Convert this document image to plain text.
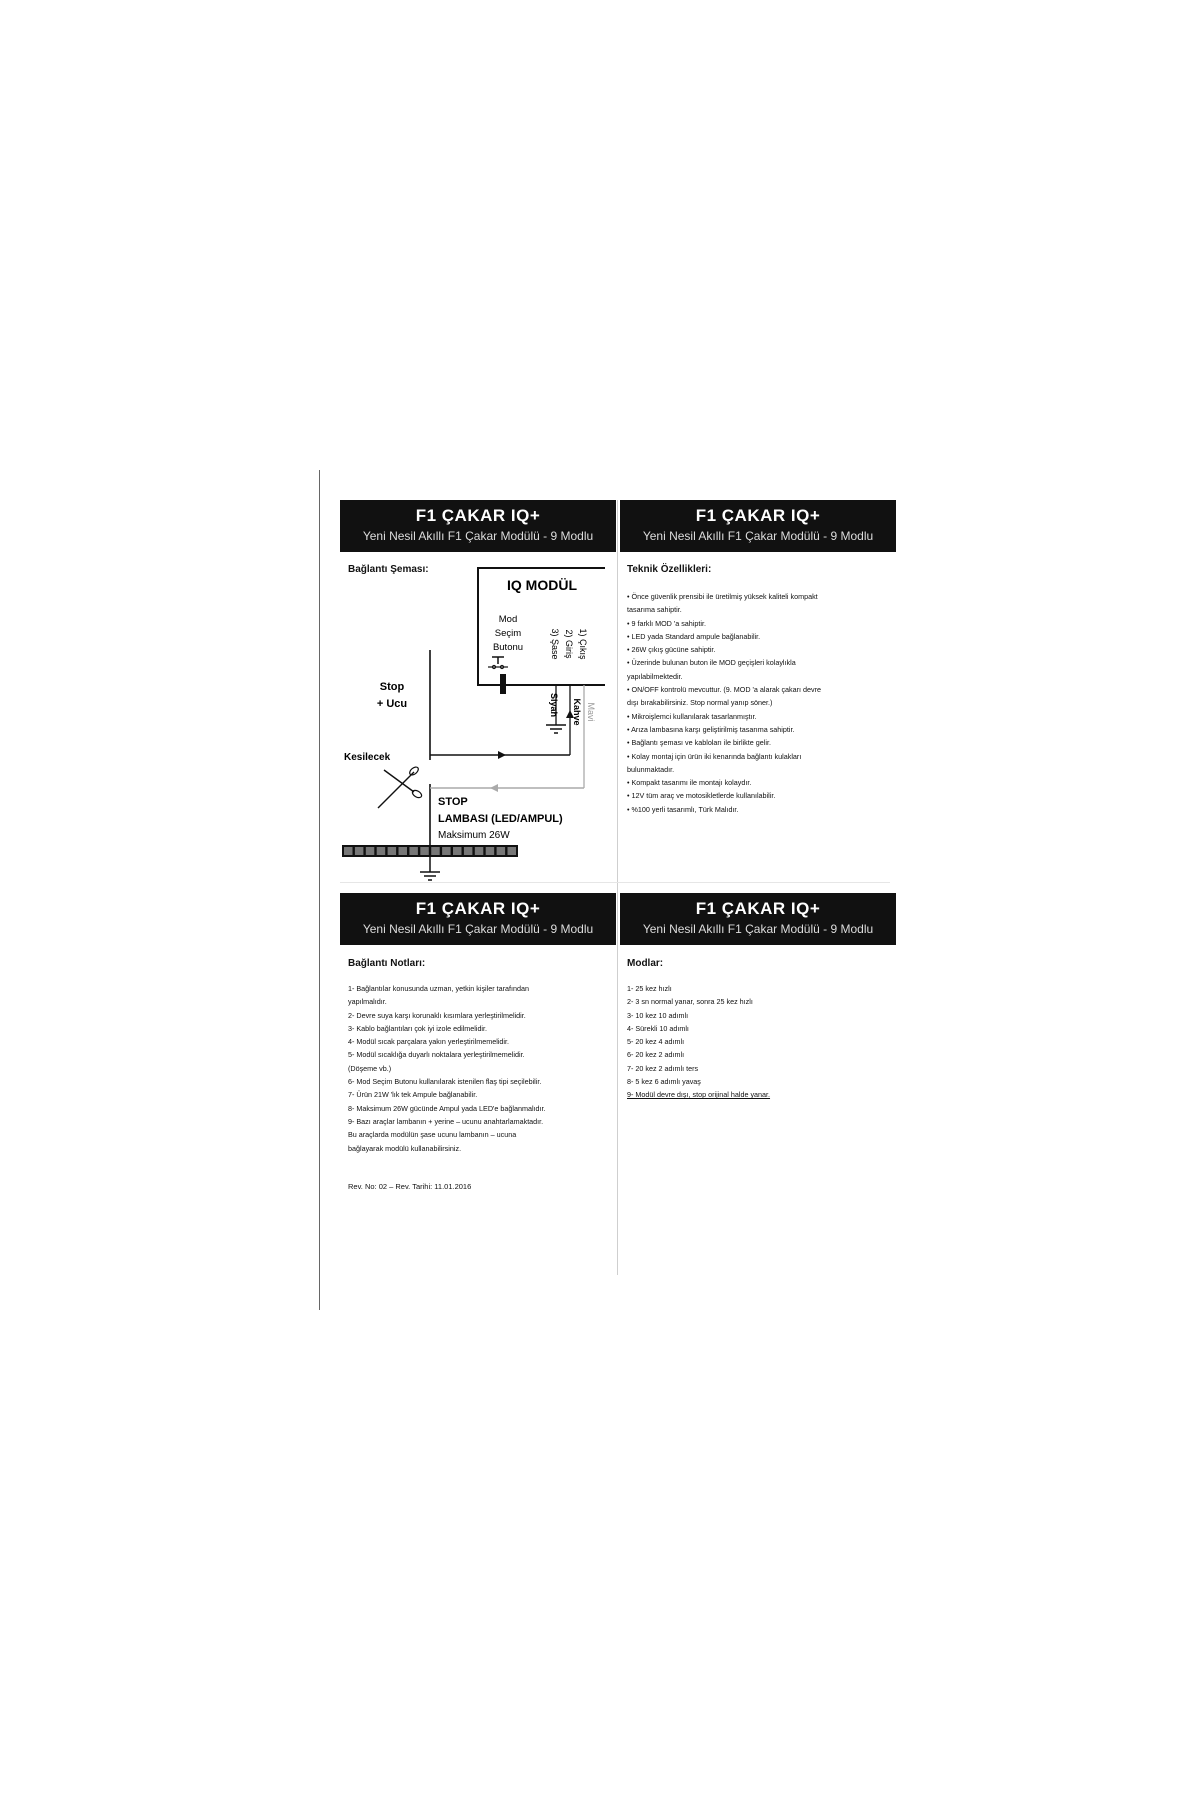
F1 ÇAKAR IQ+
Yeni Nesil Akıllı F1 Çakar Modülü - 9 Modlu
F1 ÇAKAR IQ+
Yeni Nesil Akıllı F1 Çakar Modülü - 9 Modlu
F1 ÇAKAR IQ+
Yeni Nesil Akıllı F1 Çakar Modülü - 9 Modlu
F1 ÇAKAR IQ+
Yeni Nesil Akıllı F1 Çakar Modülü - 9 Modlu
Bağlantı Şeması:	Teknik Özellikleri:
Bağlantı Notları:	Modlar:
IQ MODÜL
Mod
Seçim
Butonu	3) Şase 2) Giriş 1) Çıkış
Siyah Kahve Mavi
Stop
+ Ucu
Kesilecek
STOP
LAMBASI (LED/AMPUL)
Maksimum 26W
• Önce güvenlik prensibi ile üretilmiş yüksek kaliteli kompakt
tasarıma sahiptir.
• 9 farklı MOD 'a sahiptir.
• LED yada Standard ampule bağlanabilir.
• 26W çıkış gücüne sahiptir.
• Üzerinde bulunan buton ile MOD geçişleri kolaylıkla
yapılabilmektedir.
• ON/OFF kontrolü mevcuttur. (9. MOD 'a alarak çakarı devre
dışı bırakabilirsiniz. Stop normal yanıp söner.)
• Mikroişlemci kullanılarak tasarlanmıştır.
• Arıza lambasına karşı geliştirilmiş tasarıma sahiptir.
• Bağlantı şeması ve kabloları ile birlikte gelir.
• Kolay montaj için ürün iki kenarında bağlantı kulakları
bulunmaktadır.
• Kompakt tasarımı ile montajı kolaydır.
• 12V tüm araç ve motosikletlerde kullanılabilir.
• %100 yerli tasarımlı, Türk Malıdır.
1- Bağlantılar konusunda uzman, yetkin kişiler tarafından
yapılmalıdır.
2- Devre suya karşı korunaklı kısımlara yerleştirilmelidir.
3- Kablo bağlantıları çok iyi izole edilmelidir.
4- Modül sıcak parçalara yakın yerleştirilmemelidir.
5- Modül sıcaklığa duyarlı noktalara yerleştirilmemelidir.
(Döşeme vb.)
6- Mod Seçim Butonu kullanılarak istenilen flaş tipi seçilebilir.
7- Ürün 21W 'lık tek Ampule bağlanabilir.
8- Maksimum 26W gücünde Ampul yada LED'e bağlanmalıdır.
9- Bazı araçlar lambanın + yerine – ucunu anahtarlamaktadır.
Bu araçlarda modülün şase ucunu lambanın – ucuna
bağlayarak modülü kullanabilirsiniz.
1- 25 kez hızlı
2- 3 sn normal yanar, sonra 25 kez hızlı
3- 10 kez 10 adımlı
4- Sürekli 10 adımlı
5- 20 kez 4 adımlı
6- 20 kez 2 adımlı
7- 20 kez 2 adımlı ters
8- 5 kez 6 adımlı yavaş
9- Modül devre dışı, stop orijinal halde yanar.
Rev. No: 02 – Rev. Tarihi: 11.01.2016
